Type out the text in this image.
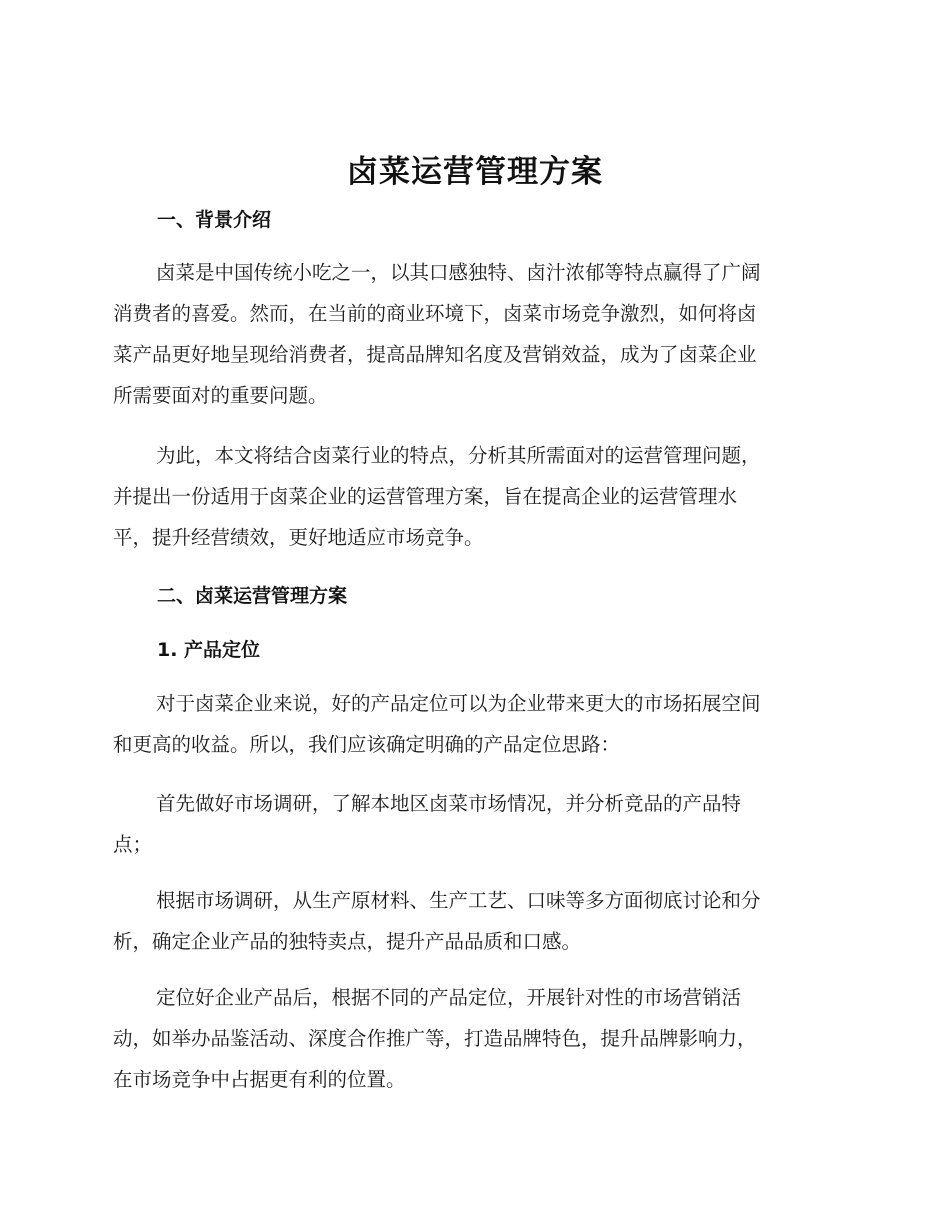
卤菜运营管理方案
一、背景介绍

卤菜是中国传统小吃之一，以其口感独特、卤汁浓郁等特点赢得了广阔
消费者的喜爱。然而，在当前的商业环境下，卤菜市场竞争激烈，如何将卤
菜产品更好地呈现给消费者，提高品牌知名度及营销效益，成为了卤菜企业
所需要面对的重要问题。

为此，本文将结合卤菜行业的特点，分析其所需面对的运营管理问题，
并提出一份适用于卤菜企业的运营管理方案，旨在提高企业的运营管理水
平，提升经营绩效，更好地适应市场竞争。

二、卤菜运营管理方案
1. 产品定位

对于卤菜企业来说，好的产品定位可以为企业带来更大的市场拓展空间
和更高的收益。所以，我们应该确定明确的产品定位思路：

首先做好市场调研，了解本地区卤菜市场情况，并分析竞品的产品特
点；

根据市场调研，从生产原材料、生产工艺、口味等多方面彻底讨论和分
析，确定企业产品的独特卖点，提升产品品质和口感。

定位好企业产品后，根据不同的产品定位，开展针对性的市场营销活
动，如举办品鉴活动、深度合作推广等，打造品牌特色，提升品牌影响力，
在市场竞争中占据更有利的位置。
